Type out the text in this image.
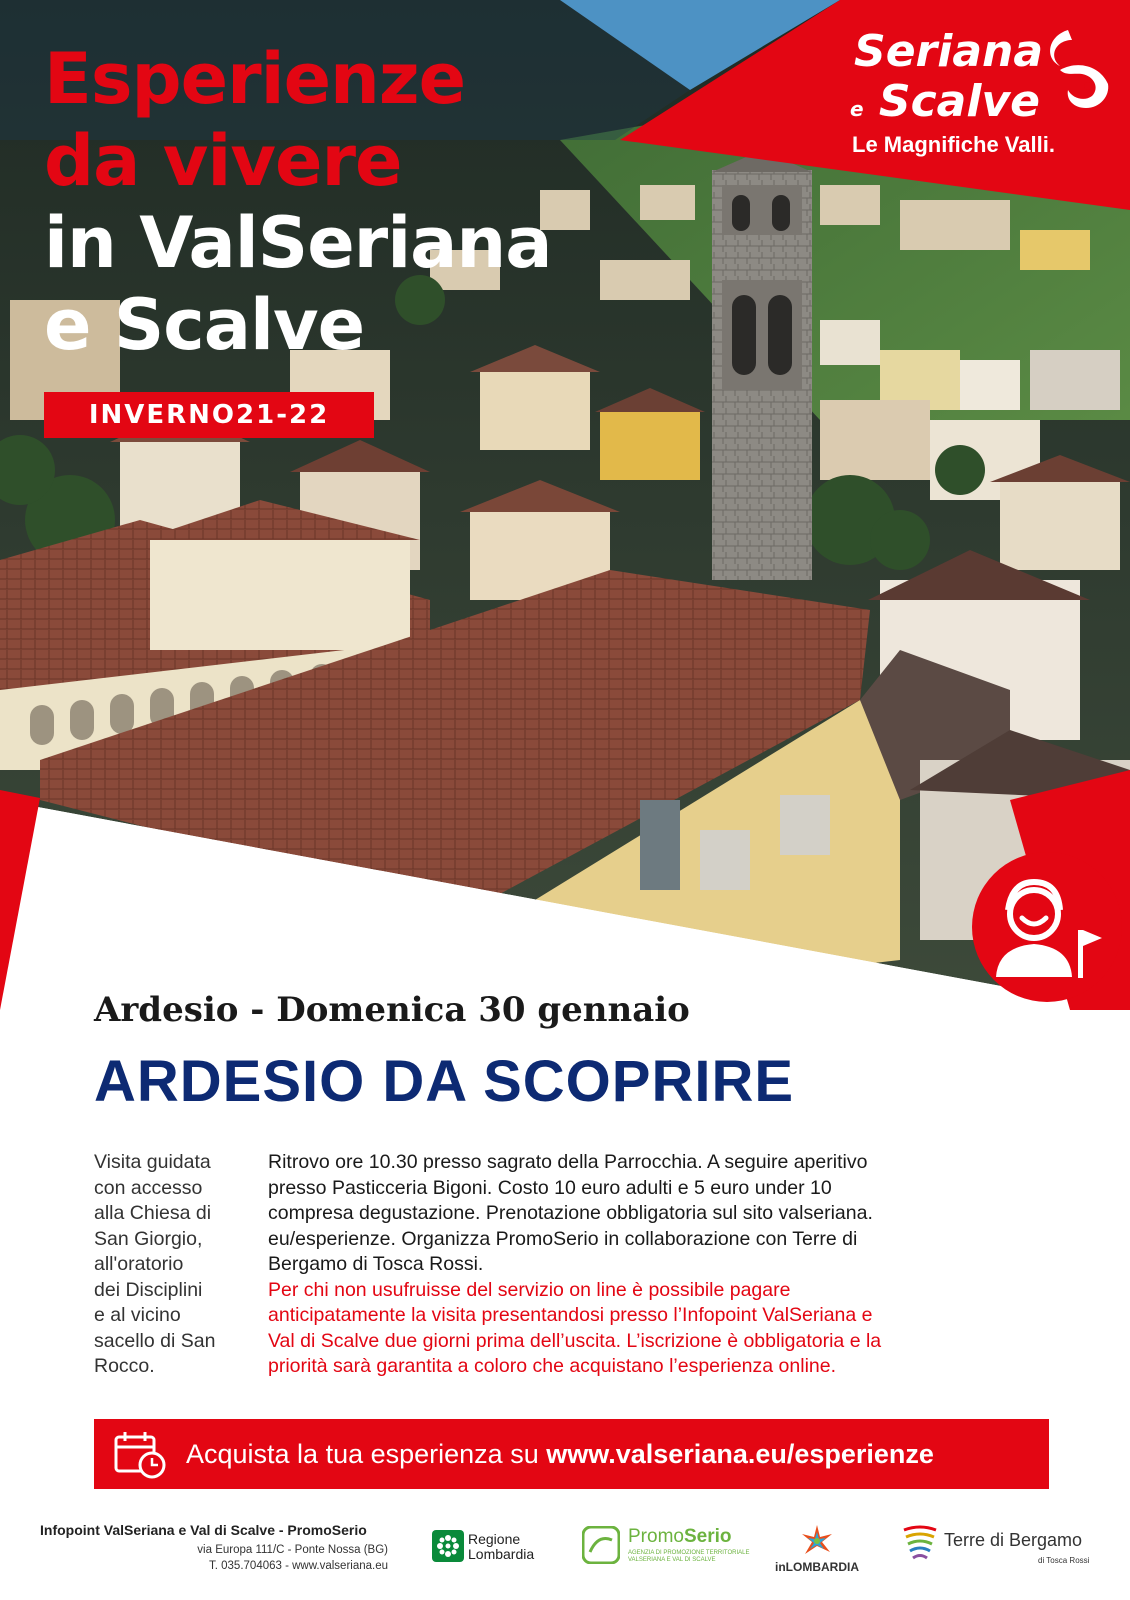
Esperienze
da vivere
in ValSeriana
e Scalve
INVERNO21-22
Seriana
e Scalve
Le Magnifiche Valli.
Ardesio - Domenica 30 gennaio
ARDESIO DA SCOPRIRE
Visita guidata
con accesso
alla Chiesa di
San Giorgio,
all'oratorio
dei Disciplini
e al vicino
sacello di San
Rocco.
Ritrovo ore 10.30 presso sagrato della Parrocchia. A seguire aperitivo
presso Pasticceria Bigoni. Costo 10 euro adulti e 5 euro under 10
compresa degustazione. Prenotazione obbligatoria sul sito valseriana.
eu/esperienze. Organizza PromoSerio in collaborazione con Terre di
Bergamo di Tosca Rossi.
Per chi non usufruisse del servizio on line è possibile pagare
anticipatamente la visita presentandosi presso l’Infopoint ValSeriana e
Val di Scalve due giorni prima dell’uscita. L’iscrizione è obbligatoria e la
priorità sarà garantita a coloro che acquistano l’esperienza online.
Acquista la tua esperienza su www.valseriana.eu/esperienze
Infopoint ValSeriana e Val di Scalve - PromoSerio
via Europa 111/C - Ponte Nossa (BG)
T. 035.704063 - www.valseriana.eu
Regione
Lombardia
PromoSerio
AGENZIA DI PROMOZIONE TERRITORIALE
VALSERIANA E VAL DI SCALVE	inLOMBARDIA
Terre di Bergamo
di Tosca Rossi
